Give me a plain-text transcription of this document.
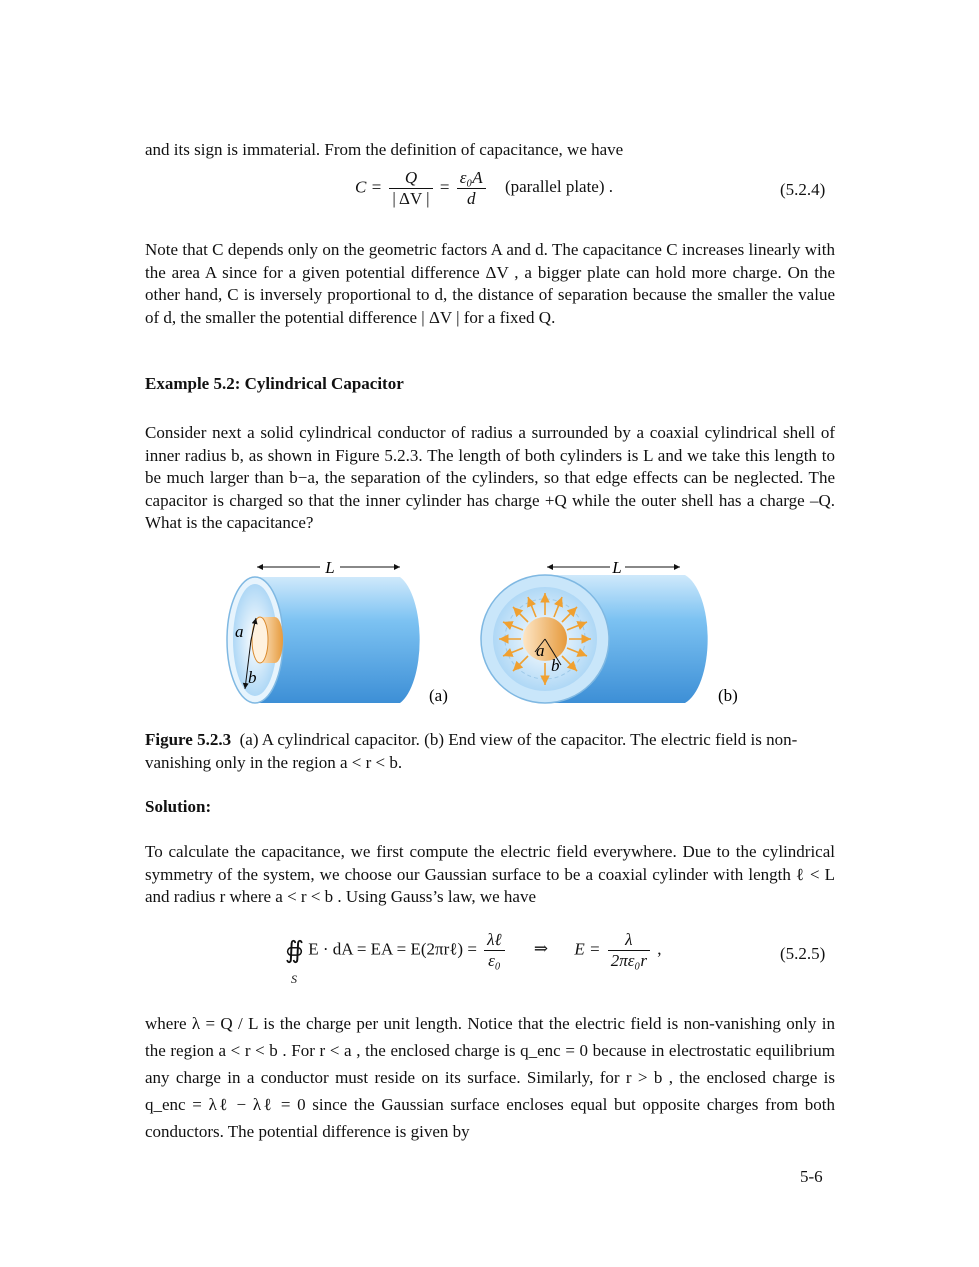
and its sign is immaterial. From the definition of capacitance, we have
$C = \frac{Q}{| \Delta V |} = \frac{\text{ε₀A}}{d}$ (parallel plate) .	(5.2.4)
Note that C depends only on the geometric factors A and d. The capacitance C increases linearly with the area A since for a given potential difference ΔV , a bigger plate can hold more charge. On the other hand, C is inversely proportional to d, the distance of separation because the smaller the value of d, the smaller the potential difference | ΔV | for a fixed Q.
Example 5.2: Cylindrical Capacitor
Consider next a solid cylindrical conductor of radius a surrounded by a coaxial cylindrical shell of inner radius b, as shown in Figure 5.2.3. The length of both cylinders is L and we take this length to be much larger than b−a, the separation of the cylinders, so that edge effects can be neglected. The capacitor is charged so that the inner cylinder has charge +Q while the outer shell has a charge –Q. What is the capacitance?
L
a
b
(a)
L
a
b
(b)
Figure 5.2.3 (a) A cylindrical capacitor. (b) End view of the capacitor. The electric field is non-vanishing only in the region a < r < b.
Solution:
To calculate the capacitance, we first compute the electric field everywhere. Due to the cylindrical symmetry of the system, we choose our Gaussian surface to be a coaxial cylinder with length ℓ < L and radius r where a < r < b . Using Gauss’s law, we have
∯ E · dA = EA = E(2πrℓ) = $\frac{\text{λℓ}}{\text{ε₀}}$ ⇒ $E = \frac{\lambda}{\text{2πε₀r}}$ ,
S
(5.2.5)
where λ = Q / L is the charge per unit length. Notice that the electric field is non-vanishing only in the region a < r < b . For r < a , the enclosed charge is q_enc = 0 because in electrostatic equilibrium any charge in a conductor must reside on its surface. Similarly, for r > b , the enclosed charge is q_enc = λℓ − λℓ = 0 since the Gaussian surface encloses equal but opposite charges from both conductors. The potential difference is given by
5-6
